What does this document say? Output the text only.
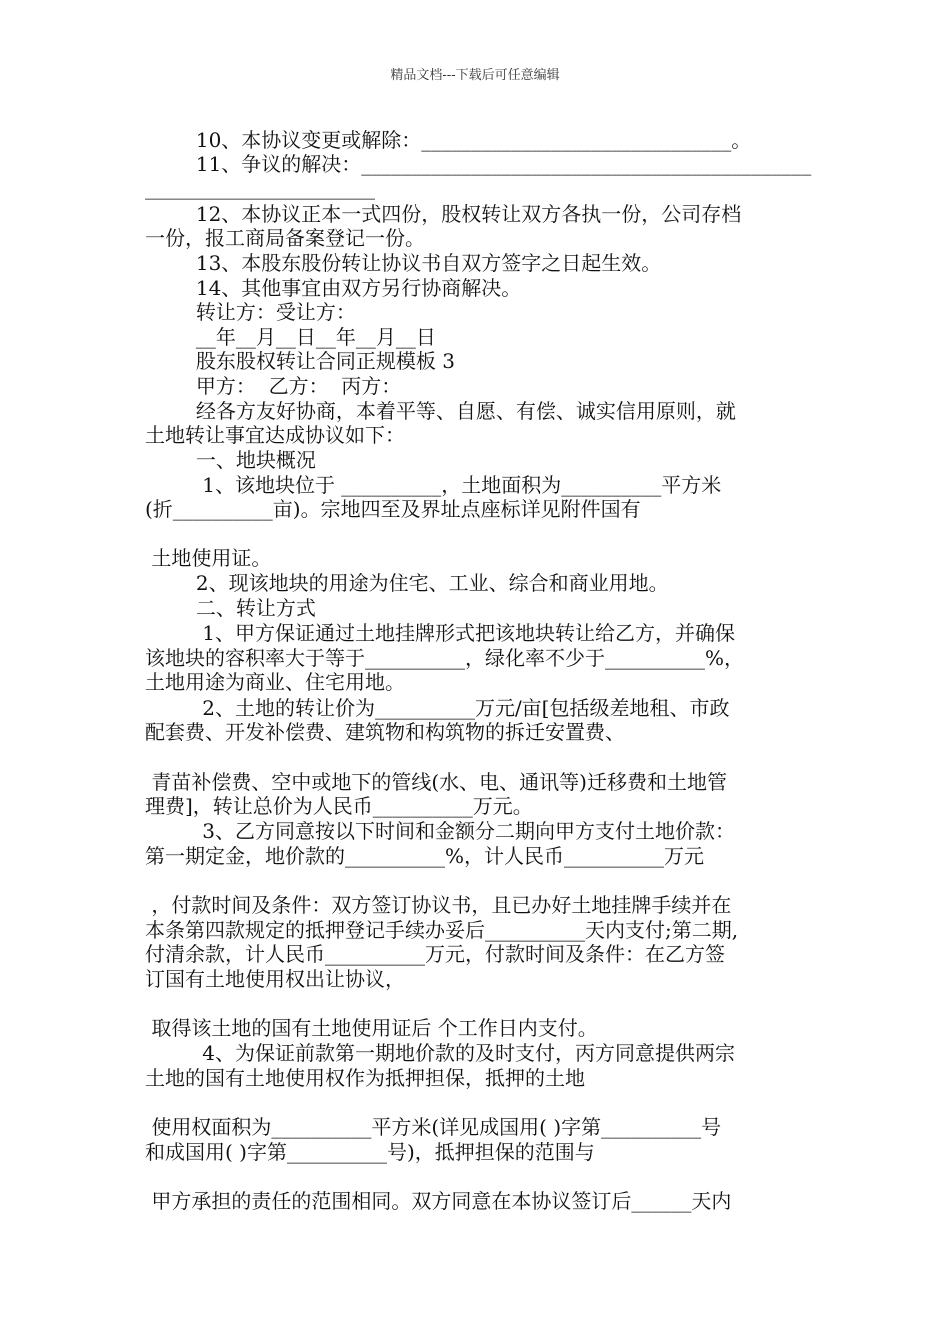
精品文档---下载后可任意编辑
10、本协议变更或解除：_______________________________。
11、争议的解决：_____________________________________________
_______________________
12、本协议正本一式四份，股权转让双方各执一份，公司存档
一份，报工商局备案登记一份。
13、本股东股份转让协议书自双方签字之日起生效。
14、其他事宜由双方另行协商解决。
转让方：受让方：
__年__月__日__年__月__日
股东股权转让合同正规模板 3
甲方：  乙方：  丙方：
经各方友好协商，本着平等、自愿、有偿、诚实信用原则，就
土地转让事宜达成协议如下：
一、地块概况
1、该地块位于 __________，土地面积为__________平方米
(折__________亩)。宗地四至及界址点座标详见附件国有
土地使用证。
2、现该地块的用途为住宅、工业、综合和商业用地。
二、转让方式
1、甲方保证通过土地挂牌形式把该地块转让给乙方，并确保
该地块的容积率大于等于__________，绿化率不少于__________%，
土地用途为商业、住宅用地。
2、土地的转让价为__________万元/亩[包括级差地租、市政
配套费、开发补偿费、建筑物和构筑物的拆迁安置费、
青苗补偿费、空中或地下的管线(水、电、通讯等)迁移费和土地管
理费]，转让总价为人民币__________万元。
3、乙方同意按以下时间和金额分二期向甲方支付土地价款：
第一期定金，地价款的__________%，计人民币__________万元
，付款时间及条件：双方签订协议书，且已办好土地挂牌手续并在
本条第四款规定的抵押登记手续办妥后__________天内支付;第二期,
付清余款，计人民币__________万元，付款时间及条件：在乙方签
订国有土地使用权出让协议，
取得该土地的国有土地使用证后 个工作日内支付。
4、为保证前款第一期地价款的及时支付，丙方同意提供两宗
土地的国有土地使用权作为抵押担保，抵押的土地
使用权面积为__________平方米(详见成国用( )字第__________号
和成国用( )字第__________号)，抵押担保的范围与
甲方承担的责任的范围相同。双方同意在本协议签订后______天内
